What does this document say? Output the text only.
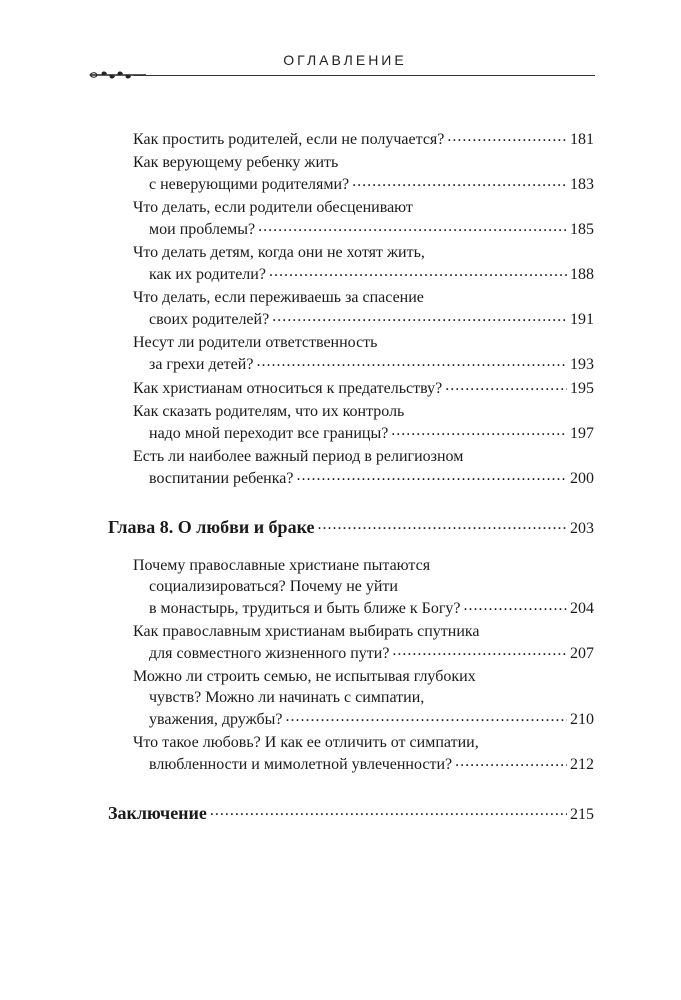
ОГЛАВЛЕНИЕ
Как простить родителей, если не получается? .....	181
Как верующему ребенку жить
с неверующими родителями? .....	183
Что делать, если родители обесценивают
мои проблемы? .....	185
Что делать детям, когда они не хотят жить,
как их родители? .....	188
Что делать, если переживаешь за спасение
своих родителей? .....	191
Несут ли родители ответственность
за грехи детей? .....	193
Как христианам относиться к предательству? .....	195
Как сказать родителям, что их контроль
надо мной переходит все границы? .....	197
Есть ли наиболее важный период в религиозном
воспитании ребенка? .....	200
Глава 8. О любви и браке .....	203
Почему православные христиане пытаются
социализироваться? Почему не уйти
в монастырь, трудиться и быть ближе к Богу? .....	204
Как православным христианам выбирать спутника
для совместного жизненного пути? .....	207
Можно ли строить семью, не испытывая глубоких
чувств? Можно ли начинать с симпатии,
уважения, дружбы? .....	210
Что такое любовь? И как ее отличить от симпатии,
влюбленности и мимолетной увлеченности? .....	212
Заключение .....	215
